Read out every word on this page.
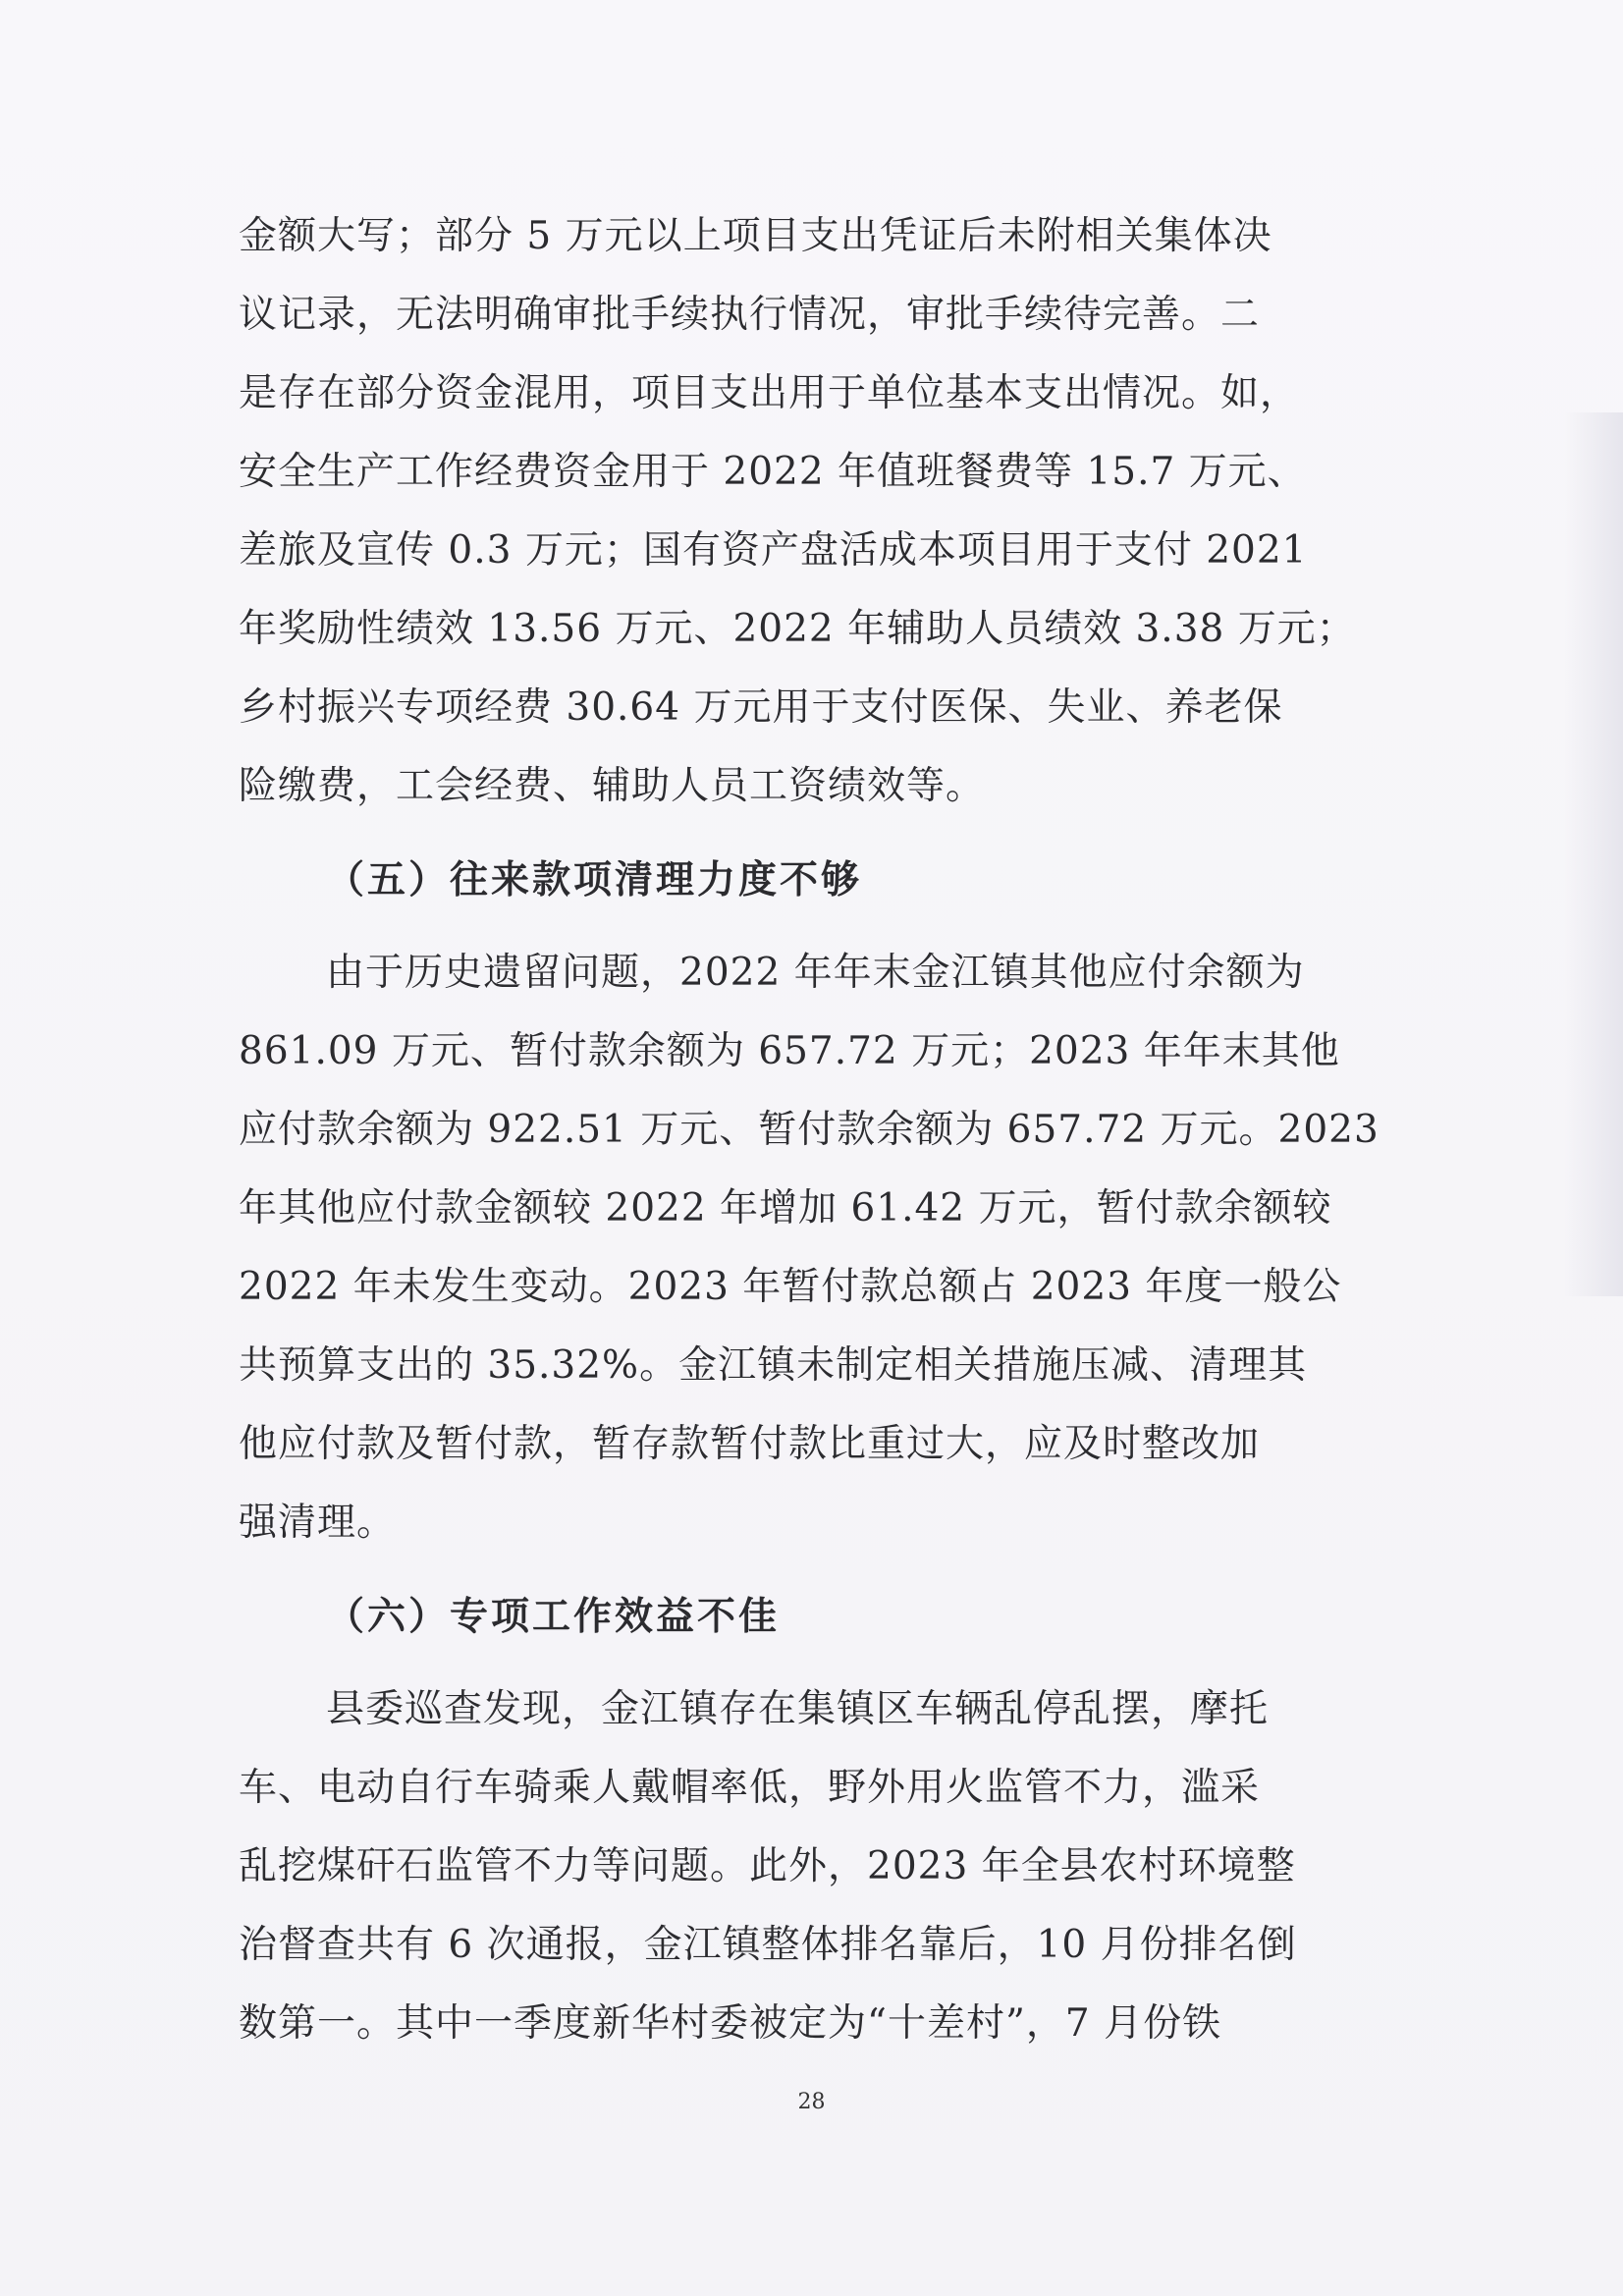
金额大写；部分 5 万元以上项目支出凭证后未附相关集体决
议记录，无法明确审批手续执行情况，审批手续待完善。二
是存在部分资金混用，项目支出用于单位基本支出情况。如，
安全生产工作经费资金用于 2022 年值班餐费等 15.7 万元、
差旅及宣传 0.3 万元；国有资产盘活成本项目用于支付 2021
年奖励性绩效 13.56 万元、2022 年辅助人员绩效 3.38 万元；
乡村振兴专项经费 30.64 万元用于支付医保、失业、养老保
险缴费，工会经费、辅助人员工资绩效等。
（五）往来款项清理力度不够
由于历史遗留问题，2022 年年末金江镇其他应付余额为
861.09 万元、暂付款余额为 657.72 万元；2023 年年末其他
应付款余额为 922.51 万元、暂付款余额为 657.72 万元。2023
年其他应付款金额较 2022 年增加 61.42 万元，暂付款余额较
2022 年未发生变动。2023 年暂付款总额占 2023 年度一般公
共预算支出的 35.32%。金江镇未制定相关措施压减、清理其
他应付款及暂付款，暂存款暂付款比重过大，应及时整改加
强清理。
（六）专项工作效益不佳
县委巡查发现，金江镇存在集镇区车辆乱停乱摆，摩托
车、电动自行车骑乘人戴帽率低，野外用火监管不力，滥采
乱挖煤矸石监管不力等问题。此外，2023 年全县农村环境整
治督查共有 6 次通报，金江镇整体排名靠后，10 月份排名倒
数第一。其中一季度新华村委被定为“十差村”，7 月份铁
28
